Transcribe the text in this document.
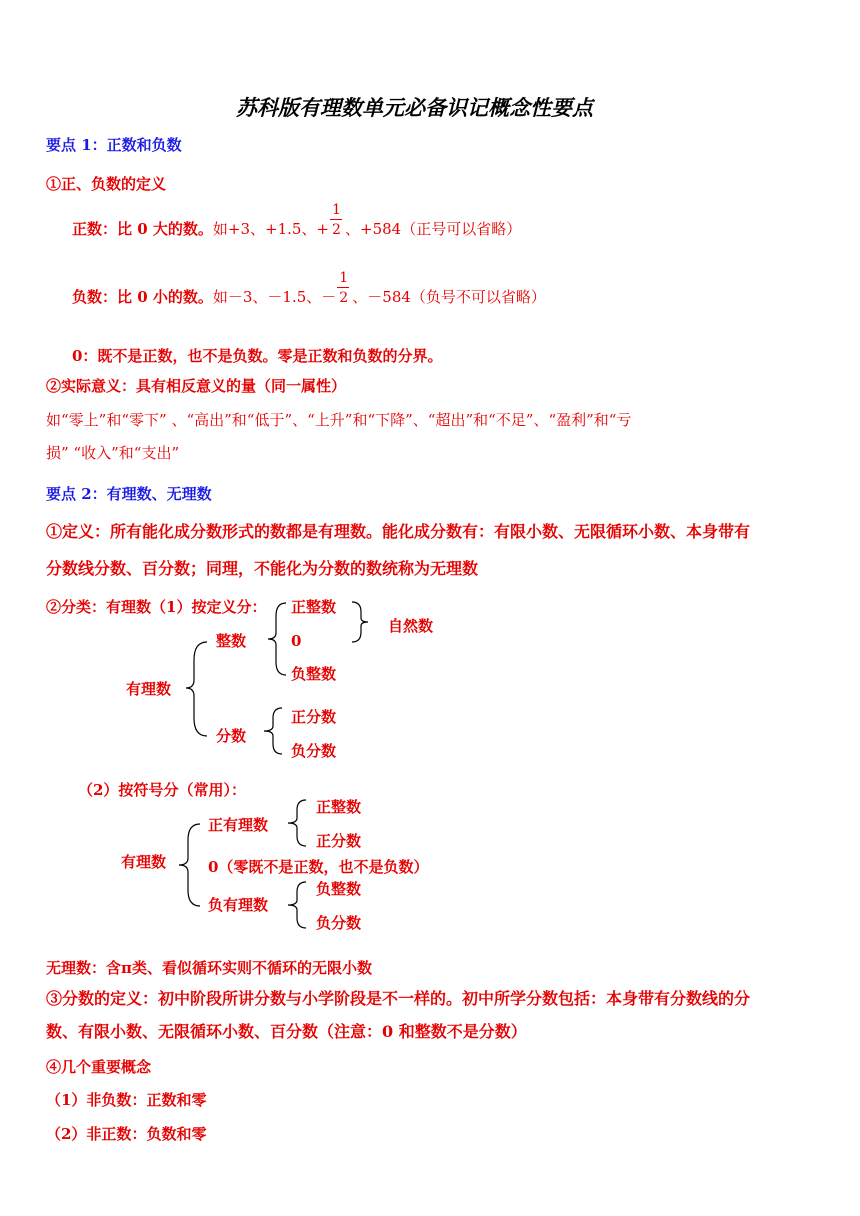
苏科版有理数单元必备识记概念性要点
要点 1：正数和负数
①正、负数的定义
正数：比 0 大的数。如+3、+1.5、+ $\frac{1}{2}$ 、+584（正号可以省略）
负数：比 0 小的数。如－3、－1.5、－ $\frac{1}{2}$ 、－584（负号不可以省略）
0：既不是正数，也不是负数。零是正数和负数的分界。
②实际意义：具有相反意义的量（同一属性）
如“零上”和“零下” 、“高出”和“低于”、“上升”和“下降”、“超出”和“不足”、“盈利”和“亏
损” “收入”和“支出”
要点 2：有理数、无理数
①定义：所有能化成分数形式的数都是有理数。能化成分数有：有限小数、无限循环小数、本身带有
分数线分数、百分数；同理，不能化为分数的数统称为无理数
②分类：有理数（1）按定义分：
有理数
整数
分数
正整数
0
负整数
自然数
正分数
负分数
（2）按符号分（常用）：
有理数
正有理数
0（零既不是正数，也不是负数）
负有理数
正整数
正分数
负整数
负分数
无理数：含π类、看似循环实则不循环的无限小数
③分数的定义：初中阶段所讲分数与小学阶段是不一样的。初中所学分数包括：本身带有分数线的分
数、有限小数、无限循环小数、百分数（注意：0 和整数不是分数）
④几个重要概念
（1）非负数：正数和零
（2）非正数：负数和零
